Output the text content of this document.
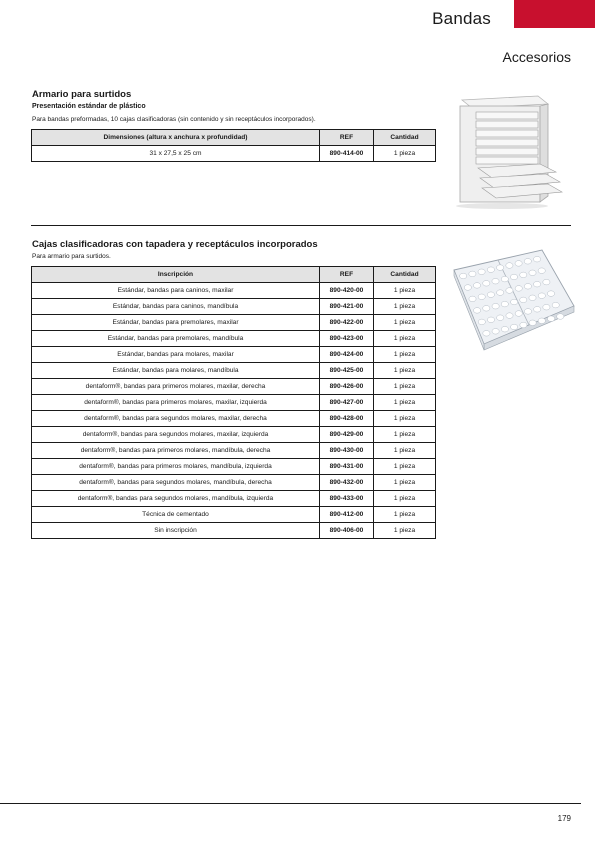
Bandas
Accesorios
Armario para surtidos
Presentación estándar de plástico
Para bandas preformadas, 10 cajas clasificadoras (sin contenido y sin receptáculos incorporados).
Dimensiones (altura x anchura x profundidad)	REF	Cantidad
31 x 27,5 x 25 cm	890-414-00	1 pieza
Cajas clasificadoras con tapadera y receptáculos incorporados
Para armario para surtidos.
Inscripción	REF	Cantidad
Estándar, bandas para caninos, maxilar	890-420-00	1 pieza
Estándar, bandas para caninos, mandíbula	890-421-00	1 pieza
Estándar, bandas para premolares, maxilar	890-422-00	1 pieza
Estándar, bandas para premolares, mandíbula	890-423-00	1 pieza
Estándar, bandas para molares, maxilar	890-424-00	1 pieza
Estándar, bandas para molares, mandíbula	890-425-00	1 pieza
dentaform®, bandas para primeros molares, maxilar, derecha	890-426-00	1 pieza
dentaform®, bandas para primeros molares, maxilar, izquierda	890-427-00	1 pieza
dentaform®, bandas para segundos molares, maxilar, derecha	890-428-00	1 pieza
dentaform®, bandas para segundos molares, maxilar, izquierda	890-429-00	1 pieza
dentaform®, bandas para primeros molares, mandíbula, derecha	890-430-00	1 pieza
dentaform®, bandas para primeros molares, mandíbula, izquierda	890-431-00	1 pieza
dentaform®, bandas para segundos molares, mandíbula, derecha	890-432-00	1 pieza
dentaform®, bandas para segundos molares, mandíbula, izquierda	890-433-00	1 pieza
Técnica de cementado	890-412-00	1 pieza
Sin inscripción	890-406-00	1 pieza
179
